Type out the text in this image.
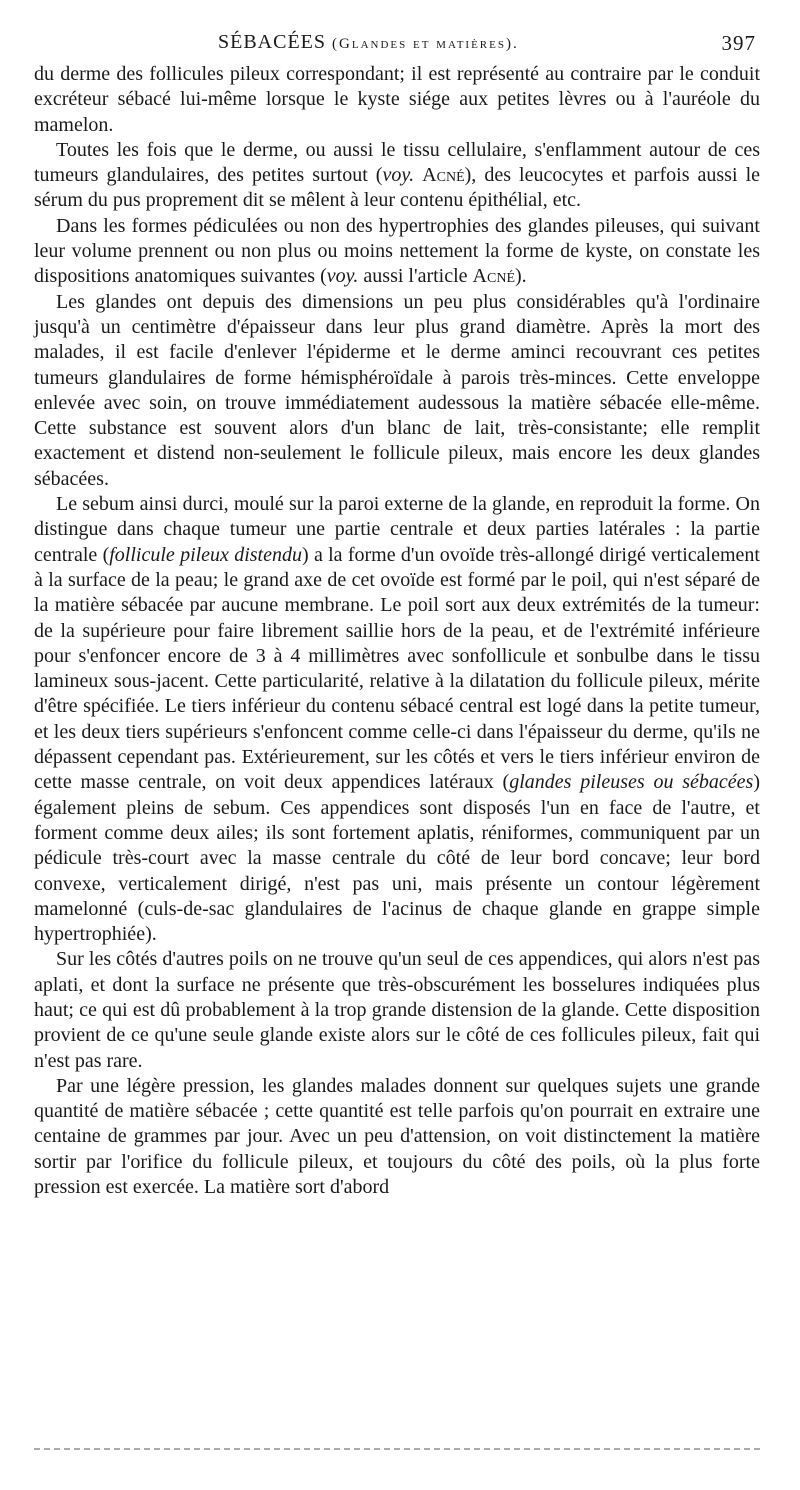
SÉBACÉES (Glandes et matières).	397

du derme des follicules pileux correspondant; il est représenté au contraire par le conduit excréteur sébacé lui-même lorsque le kyste siége aux petites lèvres ou à l'auréole du mamelon.

Toutes les fois que le derme, ou aussi le tissu cellulaire, s'enflamment autour de ces tumeurs glandulaires, des petites surtout (voy. Acné), des leucocytes et parfois aussi le sérum du pus proprement dit se mêlent à leur contenu épithélial, etc.

Dans les formes pédiculées ou non des hypertrophies des glandes pileuses, qui suivant leur volume prennent ou non plus ou moins nettement la forme de kyste, on constate les dispositions anatomiques suivantes (voy. aussi l'article Acné).

Les glandes ont depuis des dimensions un peu plus considérables qu'à l'ordinaire jusqu'à un centimètre d'épaisseur dans leur plus grand diamètre. Après la mort des malades, il est facile d'enlever l'épiderme et le derme aminci recouvrant ces petites tumeurs glandulaires de forme hémisphéroïdale à parois très-minces. Cette enveloppe enlevée avec soin, on trouve immédiatement audessous la matière sébacée elle-même. Cette substance est souvent alors d'un blanc de lait, très-consistante; elle remplit exactement et distend non-seulement le follicule pileux, mais encore les deux glandes sébacées.

Le sebum ainsi durci, moulé sur la paroi externe de la glande, en reproduit la forme. On distingue dans chaque tumeur une partie centrale et deux parties latérales : la partie centrale (follicule pileux distendu) a la forme d'un ovoïde très-allongé dirigé verticalement à la surface de la peau; le grand axe de cet ovoïde est formé par le poil, qui n'est séparé de la matière sébacée par aucune membrane. Le poil sort aux deux extrémités de la tumeur: de la supérieure pour faire librement saillie hors de la peau, et de l'extrémité inférieure pour s'enfoncer encore de 3 à 4 millimètres avec sonfollicule et sonbulbe dans le tissu lamineux sous-jacent. Cette particularité, relative à la dilatation du follicule pileux, mérite d'être spécifiée. Le tiers inférieur du contenu sébacé central est logé dans la petite tumeur, et les deux tiers supérieurs s'enfoncent comme celle-ci dans l'épaisseur du derme, qu'ils ne dépassent cependant pas. Extérieurement, sur les côtés et vers le tiers inférieur environ de cette masse centrale, on voit deux appendices latéraux (glandes pileuses ou sébacées) également pleins de sebum. Ces appendices sont disposés l'un en face de l'autre, et forment comme deux ailes; ils sont fortement aplatis, réniformes, communiquent par un pédicule très-court avec la masse centrale du côté de leur bord concave; leur bord convexe, verticalement dirigé, n'est pas uni, mais présente un contour légèrement mamelonné (culs-de-sac glandulaires de l'acinus de chaque glande en grappe simple hypertrophiée).

Sur les côtés d'autres poils on ne trouve qu'un seul de ces appendices, qui alors n'est pas aplati, et dont la surface ne présente que très-obscurément les bosselures indiquées plus haut; ce qui est dû probablement à la trop grande distension de la glande. Cette disposition provient de ce qu'une seule glande existe alors sur le côté de ces follicules pileux, fait qui n'est pas rare.

Par une légère pression, les glandes malades donnent sur quelques sujets une grande quantité de matière sébacée ; cette quantité est telle parfois qu'on pourrait en extraire une centaine de grammes par jour. Avec un peu d'attension, on voit distinctement la matière sortir par l'orifice du follicule pileux, et toujours du côté des poils, où la plus forte pression est exercée. La matière sort d'abord
